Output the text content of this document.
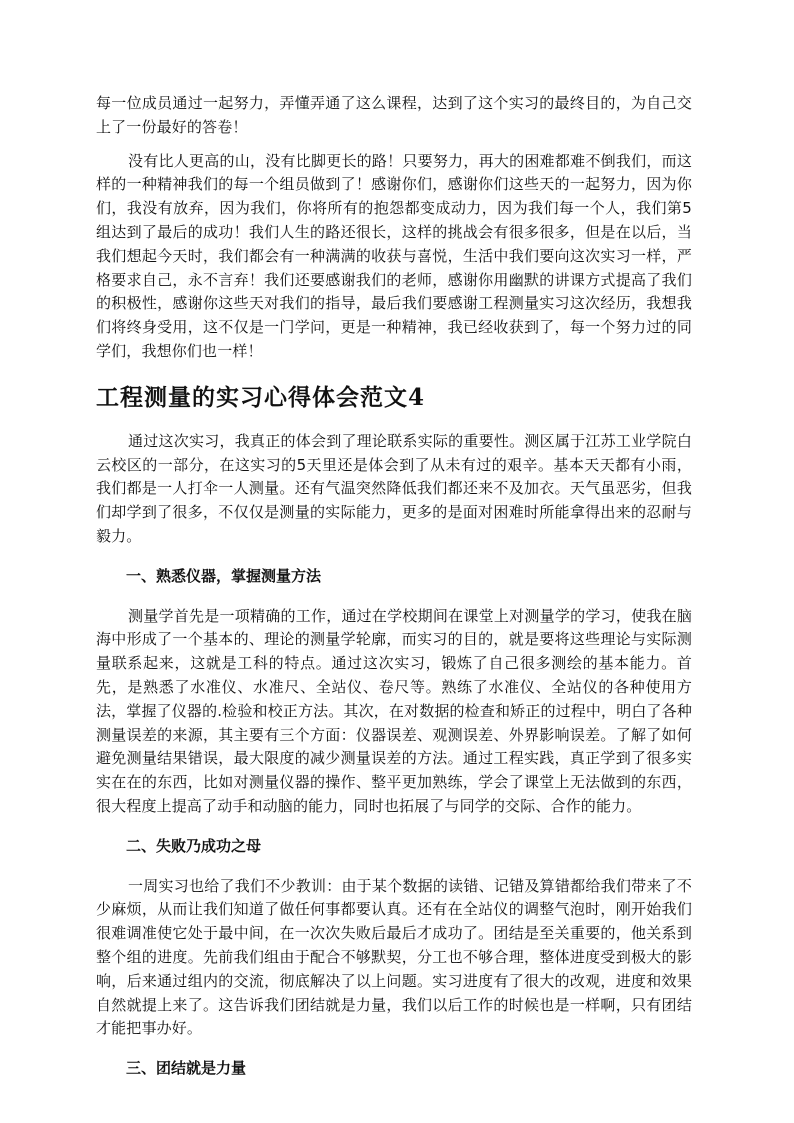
每一位成员通过一起努力，弄懂弄通了这么课程，达到了这个实习的最终目的，为自己交上了一份最好的答卷！

没有比人更高的山，没有比脚更长的路！只要努力，再大的困难都难不倒我们，而这样的一种精神我们的每一个组员做到了！感谢你们，感谢你们这些天的一起努力，因为你们，我没有放弃，因为我们，你将所有的抱怨都变成动力，因为我们每一个人，我们第5组达到了最后的成功！我们人生的路还很长，这样的挑战会有很多很多，但是在以后，当我们想起今天时，我们都会有一种满满的收获与喜悦，生活中我们要向这次实习一样，严格要求自己，永不言弃！我们还要感谢我们的老师，感谢你用幽默的讲课方式提高了我们的积极性，感谢你这些天对我们的指导，最后我们要感谢工程测量实习这次经历，我想我们将终身受用，这不仅是一门学问，更是一种精神，我已经收获到了，每一个努力过的同学们，我想你们也一样！

工程测量的实习心得体会范文4

通过这次实习，我真正的体会到了理论联系实际的重要性。测区属于江苏工业学院白云校区的一部分，在这实习的5天里还是体会到了从未有过的艰辛。基本天天都有小雨，我们都是一人打伞一人测量。还有气温突然降低我们都还来不及加衣。天气虽恶劣，但我们却学到了很多，不仅仅是测量的实际能力，更多的是面对困难时所能拿得出来的忍耐与毅力。

一、熟悉仪器，掌握测量方法

测量学首先是一项精确的工作，通过在学校期间在课堂上对测量学的学习，使我在脑海中形成了一个基本的、理论的测量学轮廓，而实习的目的，就是要将这些理论与实际测量联系起来，这就是工科的特点。通过这次实习，锻炼了自己很多测绘的基本能力。首先，是熟悉了水准仪、水准尺、全站仪、卷尺等。熟练了水准仪、全站仪的各种使用方法，掌握了仪器的.检验和校正方法。其次，在对数据的检查和矫正的过程中，明白了各种测量误差的来源，其主要有三个方面：仪器误差、观测误差、外界影响误差。了解了如何避免测量结果错误，最大限度的减少测量误差的方法。通过工程实践，真正学到了很多实实在在的东西，比如对测量仪器的操作、整平更加熟练，学会了课堂上无法做到的东西，很大程度上提高了动手和动脑的能力，同时也拓展了与同学的交际、合作的能力。

二、失败乃成功之母

一周实习也给了我们不少教训：由于某个数据的读错、记错及算错都给我们带来了不少麻烦，从而让我们知道了做任何事都要认真。还有在全站仪的调整气泡时，刚开始我们很难调准使它处于最中间，在一次次失败后最后才成功了。团结是至关重要的，他关系到整个组的进度。先前我们组由于配合不够默契，分工也不够合理，整体进度受到极大的影响，后来通过组内的交流，彻底解决了以上问题。实习进度有了很大的改观，进度和效果自然就提上来了。这告诉我们团结就是力量，我们以后工作的时候也是一样啊，只有团结才能把事办好。

三、团结就是力量
